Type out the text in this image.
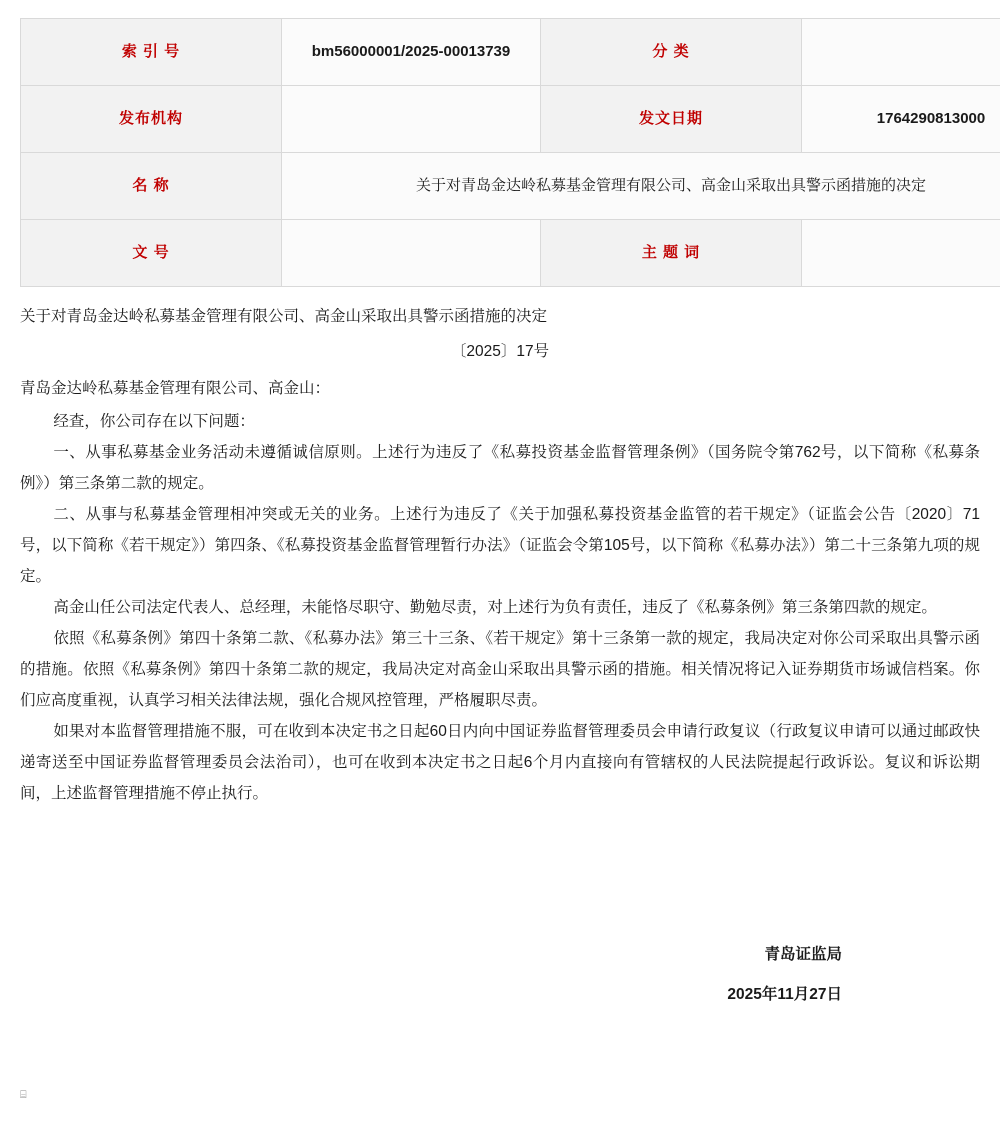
索 引 号	bm56000001/2025-00013739	分 类	
发布机构		发文日期	1764290813000
名 称	关于对青岛金达岭私募基金管理有限公司、高金山采取出具警示函措施的决定		
文 号		主 题 词	
关于对青岛金达岭私募基金管理有限公司、高金山采取出具警示函措施的决定
〔2025〕17号
青岛金达岭私募基金管理有限公司、高金山：

经查，你公司存在以下问题：

一、从事私募基金业务活动未遵循诚信原则。上述行为违反了《私募投资基金监督管理条例》（国务院令第762号，以下简称《私募条例》）第三条第二款的规定。

二、从事与私募基金管理相冲突或无关的业务。上述行为违反了《关于加强私募投资基金监管的若干规定》（证监会公告〔2020〕71号，以下简称《若干规定》）第四条、《私募投资基金监督管理暂行办法》（证监会令第105号，以下简称《私募办法》）第二十三条第九项的规定。

高金山任公司法定代表人、总经理，未能恪尽职守、勤勉尽责，对上述行为负有责任，违反了《私募条例》第三条第四款的规定。

依照《私募条例》第四十条第二款、《私募办法》第三十三条、《若干规定》第十三条第一款的规定，我局决定对你公司采取出具警示函的措施。依照《私募条例》第四十条第二款的规定，我局决定对高金山采取出具警示函的措施。相关情况将记入证券期货市场诚信档案。你们应高度重视，认真学习相关法律法规，强化合规风控管理，严格履职尽责。

如果对本监督管理措施不服，可在收到本决定书之日起60日内向中国证券监督管理委员会申请行政复议（行政复议申请可以通过邮政快递寄送至中国证券监督管理委员会法治司），也可在收到本决定书之日起6个月内直接向有管辖权的人民法院提起行政诉讼。复议和诉讼期间，上述监督管理措施不停止执行。

青岛证监局
2025年11月27日
⌸
